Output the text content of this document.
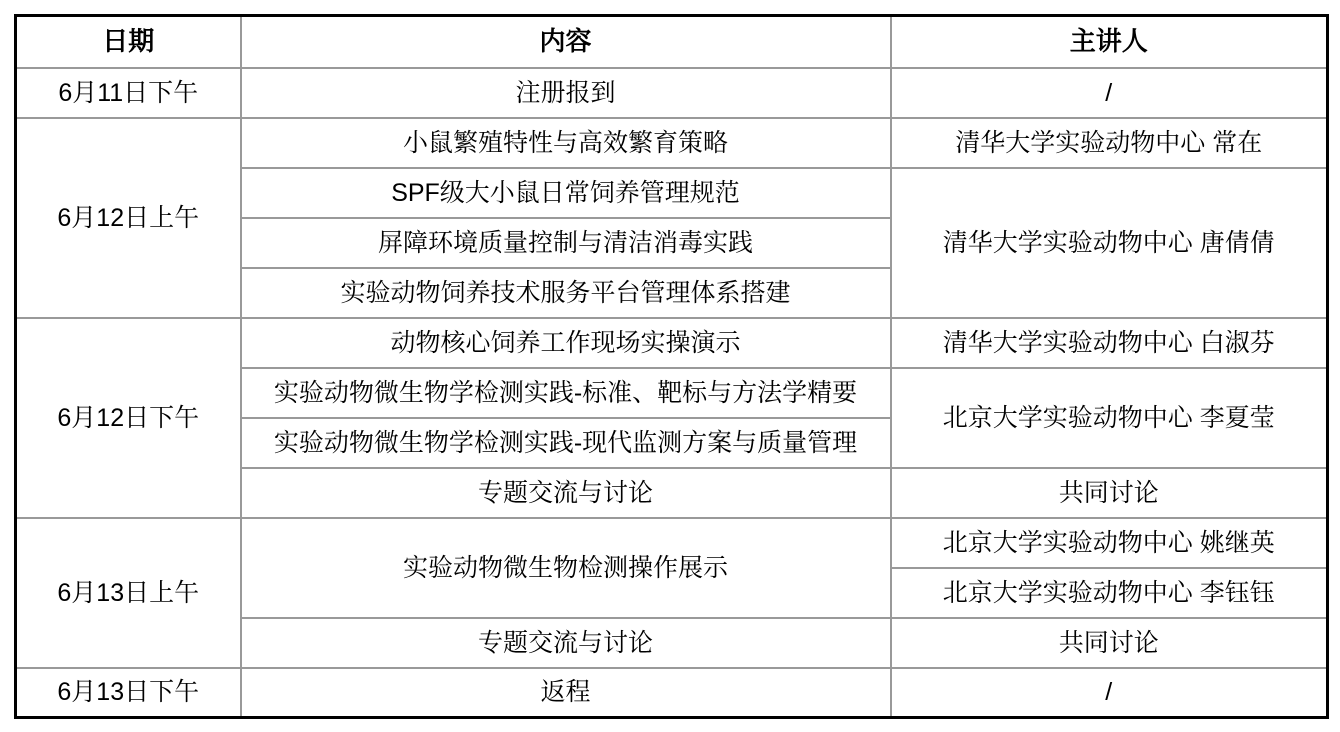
日期	内容	主讲人
6月11日下午	注册报到	/
6月12日上午	小鼠繁殖特性与高效繁育策略	清华大学实验动物中心 常在
	SPF级大小鼠日常饲养管理规范	清华大学实验动物中心 唐倩倩
	屏障环境质量控制与清洁消毒实践	
	实验动物饲养技术服务平台管理体系搭建	
6月12日下午	动物核心饲养工作现场实操演示	清华大学实验动物中心 白淑芬
	实验动物微生物学检测实践-标准、靶标与方法学精要	北京大学实验动物中心 李夏莹
	实验动物微生物学检测实践-现代监测方案与质量管理	
	专题交流与讨论	共同讨论
6月13日上午	实验动物微生物检测操作展示	北京大学实验动物中心 姚继英
		北京大学实验动物中心 李钰钰
	专题交流与讨论	共同讨论
6月13日下午	返程	/
